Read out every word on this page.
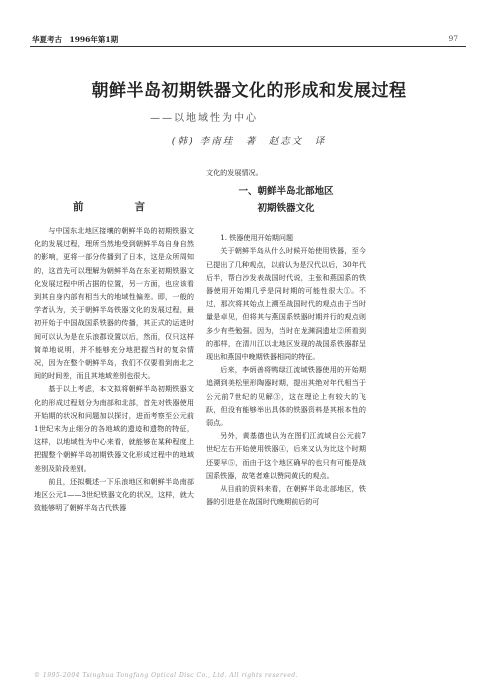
华夏考古　1996年第1期	97
朝鲜半岛初期铁器文化的形成和发展过程
——以地域性为中心
(韩) 李南珪　著　赵志文　译
前　　言

与中国东北地区接壤的朝鲜半岛的初期铁器文化的发展过程，理所当然地受到朝鲜半岛自身自然的影响，更将一部分传播到了日本，这是众所周知的，这首先可以理解为朝鲜半岛在东亚初期铁器文化发展过程中所占据的位置，另一方面，也应该看到其自身内部有相当大的地域性偏差。即，一般的学者认为，关于朝鲜半岛铁器文化的发展过程，最初开始于中国战国系铁器的传播，其正式的运进时间可以认为是在乐浪郡设置以后，然而，仅只这样简单地说明，并不能够充分地把握当时的复杂情况，因为在整个朝鲜半岛，我们不仅要看到南北之间的时间差，而且其地域差别也很大。

基于以上考虑，本文拟将朝鲜半岛初期铁器文化的形成过程划分为南部和北部，首先对铁器使用开始期的状况和问题加以探讨，进而考察至公元前1世纪末为止细分的各地域的遗迹和遗物的特征，这样，以地域性为中心来看，就能够在某种程度上把握整个朝鲜半岛初期铁器文化形成过程中的地域差别及阶段差别。

前且，还拟概述一下乐浪地区和朝鲜半岛南部地区公元1——3世纪铁器文化的状况，这样，就大致能够明了朝鲜半岛古代铁器

文化的发展情况。

一、朝鲜半岛北部地区
初期铁器文化

1. 铁器使用开始期问题

关于朝鲜半岛从什么时候开始使用铁器，至今已提出了几种观点，以前认为是汉代以后，30年代后半，帮白沙发表战国时代说，主张和燕国系的铁器使用开始期几乎是同时期的可能性很大①。不过，那次将其始点上溯至战国时代的观点由于当时量是卓见，但将其与燕国系铁器时期并行的观点则多少有些勉强。因为，当时在龙渊洞遗址②所看到的那样，在清川江以北地区发现的战国系铁器群呈现出和燕国中晚期铁器相同的特征。

后来，李炳善将鸭绿江流域铁器使用的开始期追溯到美松里形陶器时期，提出其绝对年代相当于公元前7世纪的见解③，这在理论上有较大的飞跃，但没有能够举出具体的铁器资料是其根本性的弱点。

另外，黄基德也认为在图们江流域自公元前7世纪左右开始使用铁器④，后来又认为比这个时期还要早⑤，而由于这个地区确早的也只有可能是战国系铁器，故笔者难以赞同黄氏的观点。

从目前的资料来看，在朝鲜半岛北部地区，铁器的引进是在战国时代晚期前后的可

© 1995-2004 Tsinghua Tongfang Optical Disc Co., Ltd. All rights reserved.
